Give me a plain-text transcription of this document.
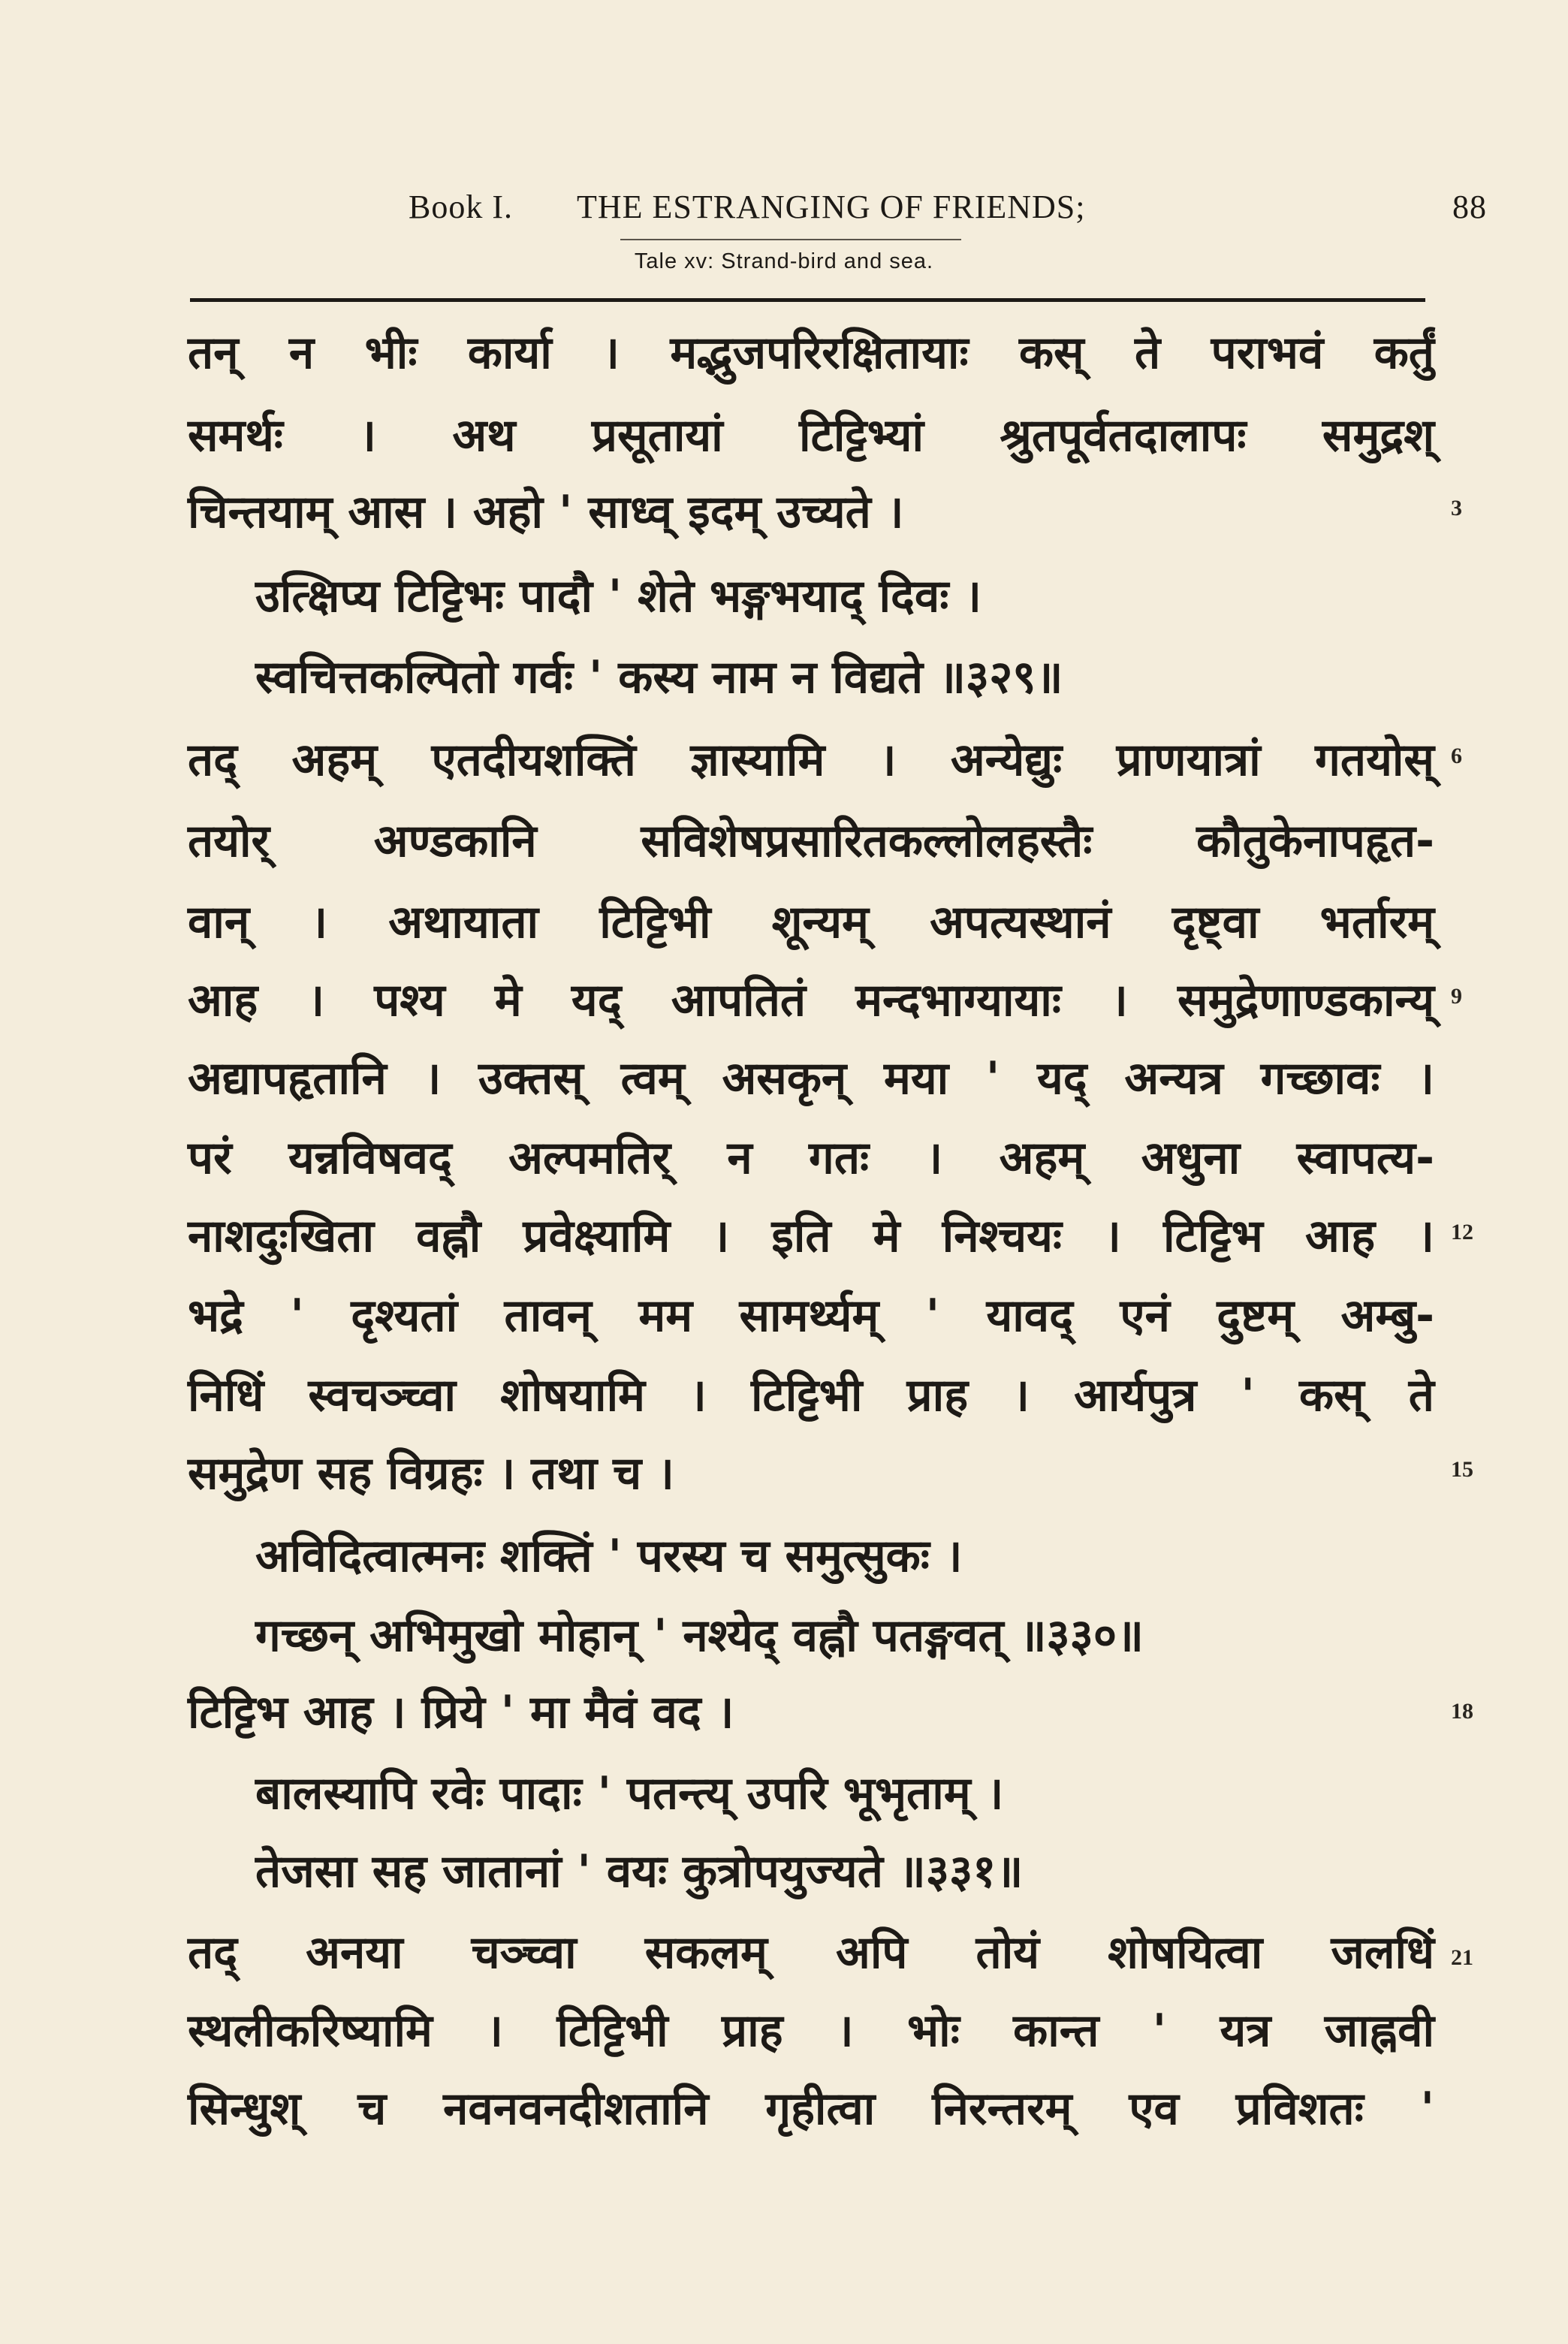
Book I. THE ESTRANGING OF FRIENDS;	88
Tale xv: Strand-bird and sea.
तन् न भीः कार्या । मद्भुजपरिरक्षितायाः कस् ते पराभवं कर्तुं
समर्थः । अथ प्रसूतायां टिट्टिभ्यां श्रुतपूर्वतदालापः समुद्रश्
चिन्तयाम् आस । अहो ' साध्व् इदम् उच्यते ।
उत्क्षिप्य टिट्टिभः पादौ ' शेते भङ्गभयाद् दिवः ।
स्वचित्तकल्पितो गर्वः ' कस्य नाम न विद्यते ॥३२९॥
तद् अहम् एतदीयशक्तिं ज्ञास्यामि । अन्येद्युः प्राणयात्रां गतयोस्
तयोर् अण्डकानि सविशेषप्रसारितकल्लोलहस्तैः कौतुकेनापहृत-
वान् । अथायाता टिट्टिभी शून्यम् अपत्यस्थानं दृष्ट्वा भर्तारम्
आह । पश्य मे यद् आपतितं मन्दभाग्यायाः । समुद्रेणाण्डकान्य्
अद्यापहृतानि । उक्तस् त्वम् असकृन् मया ' यद् अन्यत्र गच्छावः ।
परं यन्नविषवद् अल्पमतिर् न गतः । अहम् अधुना स्वापत्य-
नाशदुःखिता वह्नौ प्रवेक्ष्यामि । इति मे निश्चयः । टिट्टिभ आह ।
भद्रे ' दृश्यतां तावन् मम सामर्थ्यम् ' यावद् एनं दुष्टम् अम्बु-
निधिं स्वचञ्च्वा शोषयामि । टिट्टिभी प्राह । आर्यपुत्र ' कस् ते
समुद्रेण सह विग्रहः । तथा च ।
अविदित्वात्मनः शक्तिं ' परस्य च समुत्सुकः ।
गच्छन् अभिमुखो मोहान् ' नश्येद् वह्नौ पतङ्गवत् ॥३३०॥
टिट्टिभ आह । प्रिये ' मा मैवं वद ।
बालस्यापि रवेः पादाः ' पतन्त्य् उपरि भूभृताम् ।
तेजसा सह जातानां ' वयः कुत्रोपयुज्यते ॥३३१॥
तद् अनया चञ्च्वा सकलम् अपि तोयं शोषयित्वा जलधिं
स्थलीकरिष्यामि । टिट्टिभी प्राह । भोः कान्त ' यत्र जाह्नवी
सिन्धुश् च नवनवनदीशतानि गृहीत्वा निरन्तरम् एव प्रविशतः '
3
6
9
12
15
18
21
